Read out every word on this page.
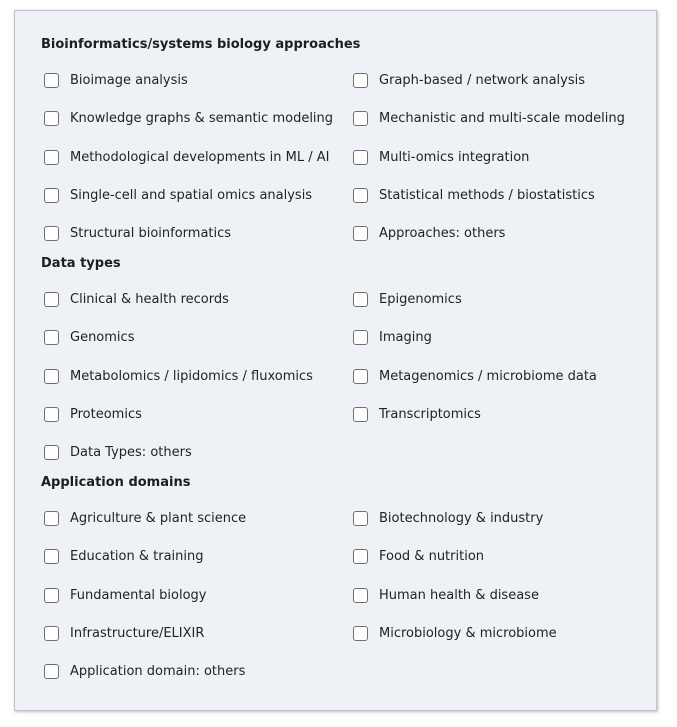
Bioinformatics/systems biology approaches
Bioimage analysis	Graph-based / network analysis
Knowledge graphs & semantic modeling	Mechanistic and multi-scale modeling
Methodological developments in ML / AI	Multi-omics integration
Single-cell and spatial omics analysis	Statistical methods / biostatistics
Structural bioinformatics	Approaches: others
Data types
Clinical & health records	Epigenomics
Genomics	Imaging
Metabolomics / lipidomics / fluxomics	Metagenomics / microbiome data
Proteomics	Transcriptomics
Data Types: others
Application domains
Agriculture & plant science	Biotechnology & industry
Education & training	Food & nutrition
Fundamental biology	Human health & disease
Infrastructure/ELIXIR	Microbiology & microbiome
Application domain: others
